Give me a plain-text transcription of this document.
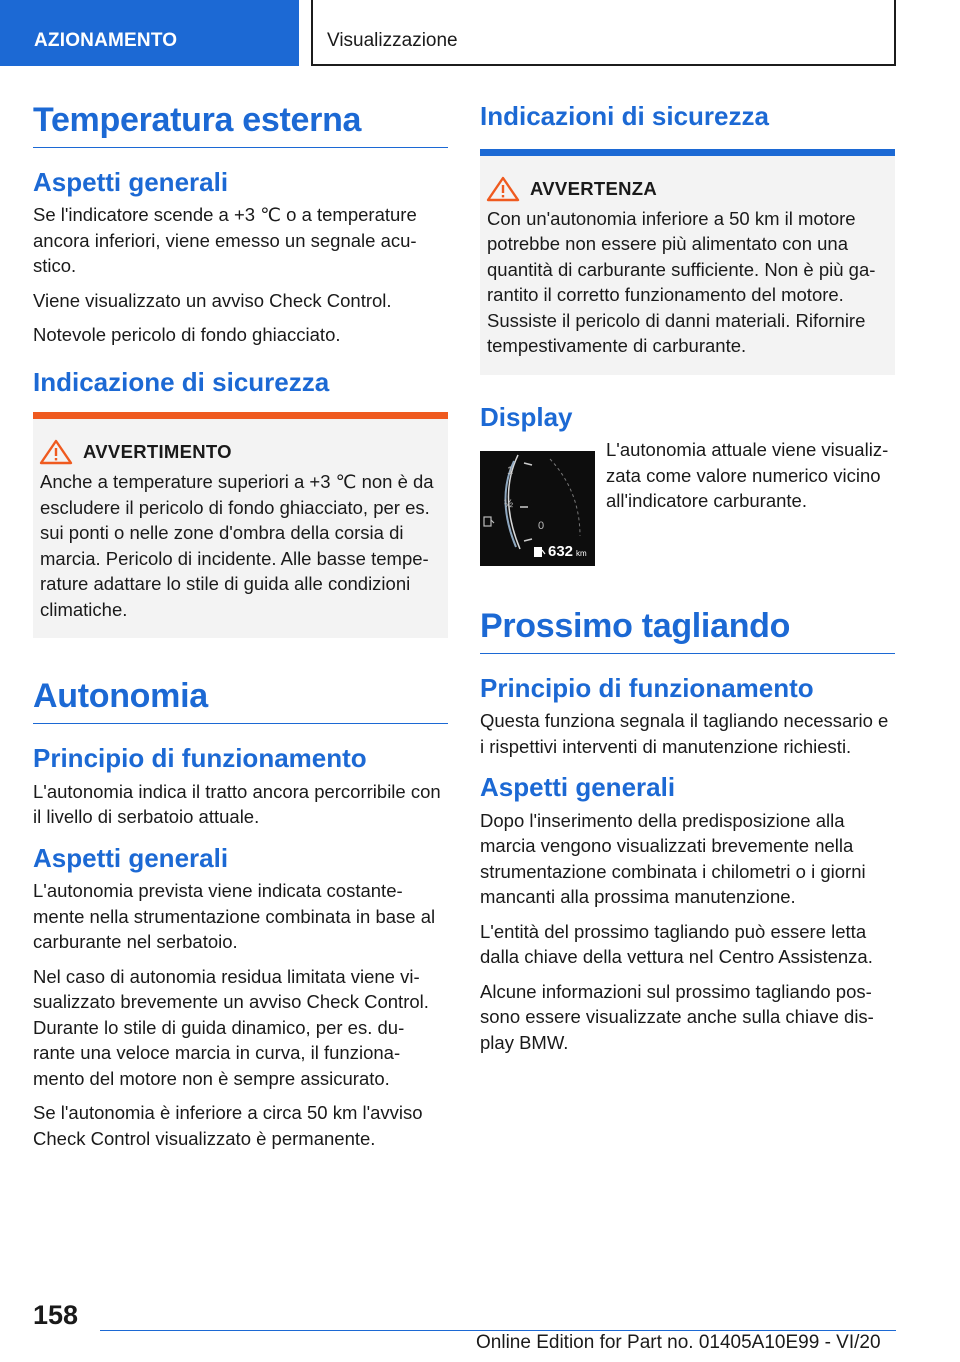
AZIONAMENTO	Visualizzazione
Temperatura esterna
Aspetti generali

Se l'indicatore scende a +3 ℃ o a temperature ancora inferiori, viene emesso un segnale acu‐ stico.

Viene visualizzato un avviso Check Control.

Notevole pericolo di fondo ghiacciato.

Indicazione di sicurezza
AVVERTIMENTO

Anche a temperature superiori a +3 ℃ non è da escludere il pericolo di fondo ghiacciato, per es. sui ponti o nelle zone d'ombra della corsia di marcia. Pericolo di incidente. Alle basse tempe‐ rature adattare lo stile di guida alle condizioni climatiche.

Autonomia
Principio di funzionamento

L'autonomia indica il tratto ancora percorribile con il livello di serbatoio attuale.

Aspetti generali

L'autonomia prevista viene indicata costante‐ mente nella strumentazione combinata in base al carburante nel serbatoio.

Nel caso di autonomia residua limitata viene vi‐ sualizzato brevemente un avviso Check Control. Durante lo stile di guida dinamico, per es. du‐ rante una veloce marcia in curva, il funziona‐ mento del motore non è sempre assicurato.

Se l'autonomia è inferiore a circa 50 km l'avviso Check Control visualizzato è permanente.

Indicazioni di sicurezza
AVVERTENZA

Con un'autonomia inferiore a 50 km il motore potrebbe non essere più alimentato con una quantità di carburante sufficiente. Non è più ga‐ rantito il corretto funzionamento del motore. Sussiste il pericolo di danni materiali. Rifornire tempestivamente di carburante.

Display
1
½
0
632 km

L'autonomia attuale viene visualiz‐ zata come valore numerico vicino all'indicatore carburante.

Prossimo tagliando
Principio di funzionamento

Questa funziona segnala il tagliando necessario e i rispettivi interventi di manutenzione richiesti.

Aspetti generali

Dopo l'inserimento della predisposizione alla marcia vengono visualizzati brevemente nella strumentazione combinata i chilometri o i giorni mancanti alla prossima manutenzione.

L'entità del prossimo tagliando può essere letta dalla chiave della vettura nel Centro Assistenza.

Alcune informazioni sul prossimo tagliando pos‐ sono essere visualizzate anche sulla chiave dis‐ play BMW.

158
Online Edition for Part no. 01405A10E99 - VI/20
